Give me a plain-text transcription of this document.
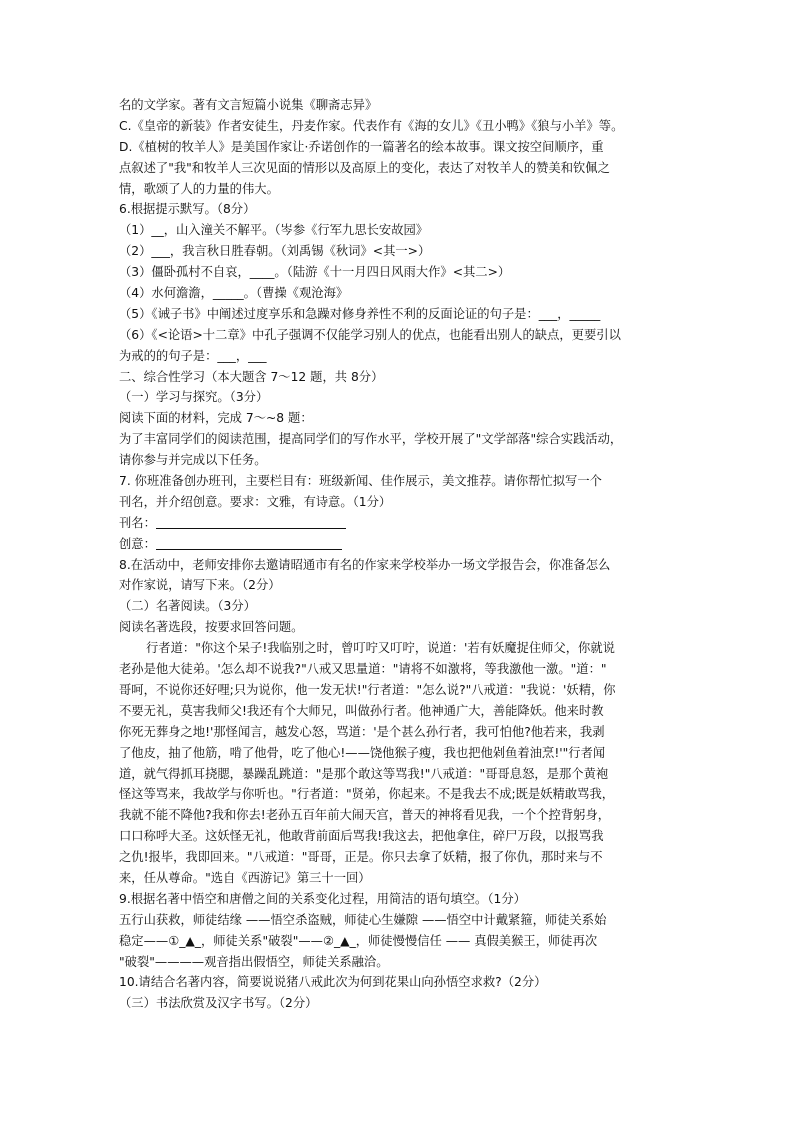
名的文学家。著有文言短篇小说集《聊斋志异》
C.《皇帝的新装》作者安徒生，丹麦作家。代表作有《海的女儿》《丑小鸭》《狼与小羊》等。
D.《植树的牧羊人》是美国作家让·乔诺创作的一篇著名的绘本故事。课文按空间顺序，重
点叙述了"我"和牧羊人三次见面的情形以及高原上的变化，表达了对牧羊人的赞美和钦佩之
情，歌颂了人的力量的伟大。
6.根据提示默写。（8分）
（1）__，山入潼关不解平。（岑参《行军九思长安故园》
（2）___，我言秋日胜春朝。（刘禹锡《秋词》<其一>）
（3）僵卧孤村不自哀，____。（陆游《十一月四日风雨大作》<其二>）
（4）水何澹澹，_____。（曹操《观沧海》
（5）《诫子书》中阐述过度享乐和急躁对修身养性不利的反面论证的句子是：___，_____
（6）《<论语>十二章》中孔子强调不仅能学习别人的优点，也能看出别人的缺点，更要引以
为戒的的句子是：___，___
二、综合性学习（本大题含 7～12 题，共 8分）
（一）学习与探究。（3分）
阅读下面的材料，完成 7～~8 题：
为了丰富同学们的阅读范围，提高同学们的写作水平，学校开展了"文学部落"综合实践活动，
请你参与并完成以下任务。
7. 你班准备创办班刊，主要栏目有：班级新闻、佳作展示，美文推荐。请你帮忙拟写一个
刊名，并介绍创意。要求：文雅，有诗意。（1分）
刊名：
创意：
8.在活动中，老师安排你去邀请昭通市有名的作家来学校举办一场文学报告会，你准备怎么
对作家说，请写下来。（2分）
（二）名著阅读。（3分）
阅读名著选段，按要求回答问题。
行者道："你这个呆子!我临别之时，曾叮咛又叮咛，说道：'若有妖魔捉住师父，你就说
老孙是他大徒弟。'怎么却不说我?"八戒又思量道："请将不如激将，等我激他一激。"道："
哥呵，不说你还好哩;只为说你，他一发无状!"行者道："怎么说?"八戒道："我说：'妖精，你
不要无礼，莫害我师父!我还有个大师兄，叫做孙行者。他神通广大，善能降妖。他来时教
你死无葬身之地!'那怪闻言，越发心怒，骂道：'是个甚么孙行者，我可怕他?他若来，我剥
了他皮，抽了他筋，啃了他骨，吃了他心!——饶他猴子瘦，我也把他剁鱼着油烹!'"行者闻
道，就气得抓耳挠腮，暴躁乱跳道："是那个敢这等骂我!"八戒道："哥哥息怒，是那个黄袍
怪这等骂来，我故学与你听也。"行者道："贤弟，你起来。不是我去不成;既是妖精敢骂我，
我就不能不降他?我和你去!老孙五百年前大闹天宫，普天的神将看见我，一个个控背躬身，
口口称呼大圣。这妖怪无礼，他敢背前面后骂我!我这去，把他拿住，碎尸万段，以报骂我
之仇!报毕，我即回来。"八戒道："哥哥，正是。你只去拿了妖精，报了你仇，那时来与不
来，任从尊命。"选自《西游记》第三十一回）
9.根据名著中悟空和唐僧之间的关系变化过程，用简洁的语句填空。（1分）
五行山获救，师徒结缘 ——悟空杀盗贼，师徒心生嫌隙 ——悟空中计戴紧箍，师徒关系始
稳定——①_▲_，师徒关系"破裂"——②_▲_，师徒慢慢信任 —— 真假美猴王，师徒再次
"破裂"————观音指出假悟空，师徒关系融洽。
10.请结合名著内容，简要说说猪八戒此次为何到花果山向孙悟空求救?（2分）
（三）书法欣赏及汉字书写。（2分）
